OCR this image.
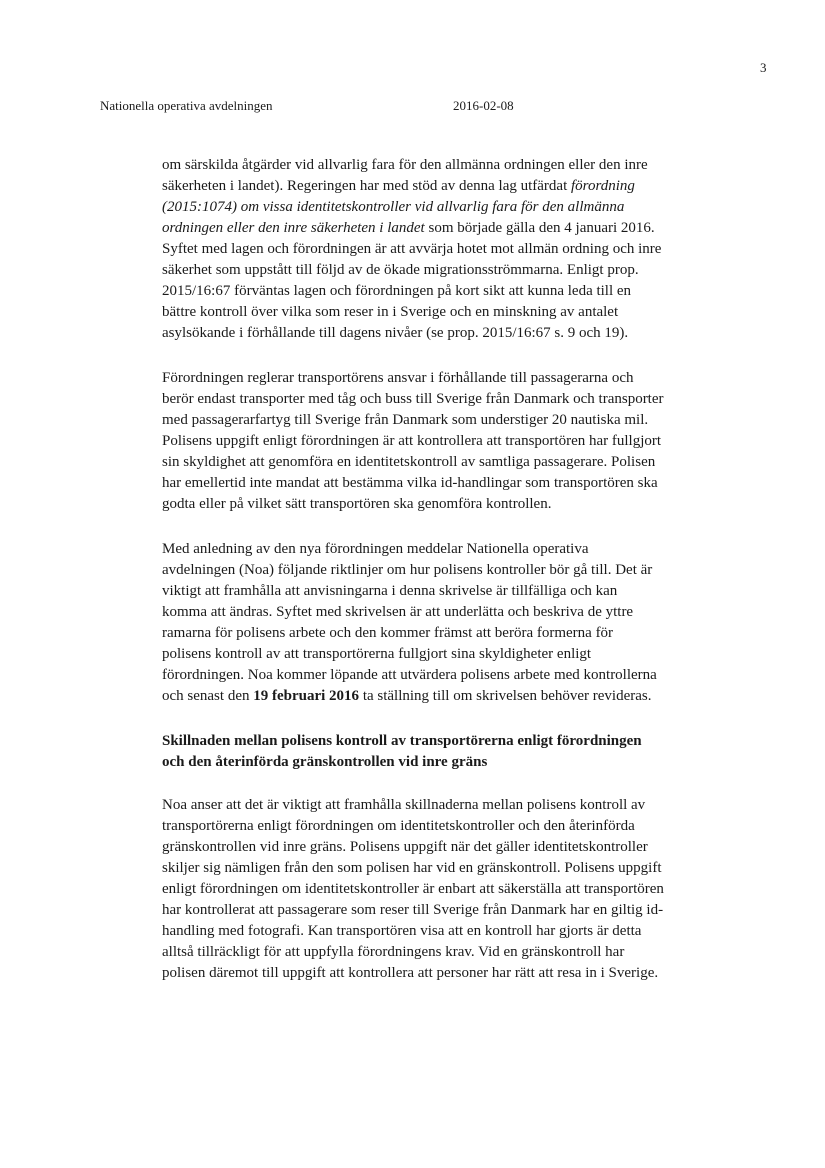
3
Nationella operativa avdelningen	2016-02-08

om särskilda åtgärder vid allvarlig fara för den allmänna ordningen eller den inre säkerheten i landet). Regeringen har med stöd av denna lag utfärdat förordning (2015:1074) om vissa identitetskontroller vid allvarlig fara för den allmänna ordningen eller den inre säkerheten i landet som började gälla den 4 januari 2016. Syftet med lagen och förordningen är att avvärja hotet mot allmän ordning och inre säkerhet som uppstått till följd av de ökade migrationsströmmarna. Enligt prop. 2015/16:67 förväntas lagen och förordningen på kort sikt att kunna leda till en bättre kontroll över vilka som reser in i Sverige och en minskning av antalet asylsökande i förhållande till dagens nivåer (se prop. 2015/16:67 s. 9 och 19).

Förordningen reglerar transportörens ansvar i förhållande till passagerarna och berör endast transporter med tåg och buss till Sverige från Danmark och transporter med passagerarfartyg till Sverige från Danmark som understiger 20 nautiska mil. Polisens uppgift enligt förordningen är att kontrollera att transportören har fullgjort sin skyldighet att genomföra en identitetskontroll av samtliga passagerare. Polisen har emellertid inte mandat att bestämma vilka id-handlingar som transportören ska godta eller på vilket sätt transportören ska genomföra kontrollen.

Med anledning av den nya förordningen meddelar Nationella operativa avdelningen (Noa) följande riktlinjer om hur polisens kontroller bör gå till. Det är viktigt att framhålla att anvisningarna i denna skrivelse är tillfälliga och kan komma att ändras. Syftet med skrivelsen är att underlätta och beskriva de yttre ramarna för polisens arbete och den kommer främst att beröra formerna för polisens kontroll av att transportörerna fullgjort sina skyldigheter enligt förordningen. Noa kommer löpande att utvärdera polisens arbete med kontrollerna och senast den 19 februari 2016 ta ställning till om skrivelsen behöver revideras.

Skillnaden mellan polisens kontroll av transportörerna enligt förordningen och den återinförda gränskontrollen vid inre gräns

Noa anser att det är viktigt att framhålla skillnaderna mellan polisens kontroll av transportörerna enligt förordningen om identitetskontroller och den återinförda gränskontrollen vid inre gräns. Polisens uppgift när det gäller identitetskontroller skiljer sig nämligen från den som polisen har vid en gränskontroll. Polisens uppgift enligt förordningen om identitetskontroller är enbart att säkerställa att transportören har kontrollerat att passagerare som reser till Sverige från Danmark har en giltig id-handling med fotografi. Kan transportören visa att en kontroll har gjorts är detta alltså tillräckligt för att uppfylla förordningens krav. Vid en gränskontroll har polisen däremot till uppgift att kontrollera att personer har rätt att resa in i Sverige.
